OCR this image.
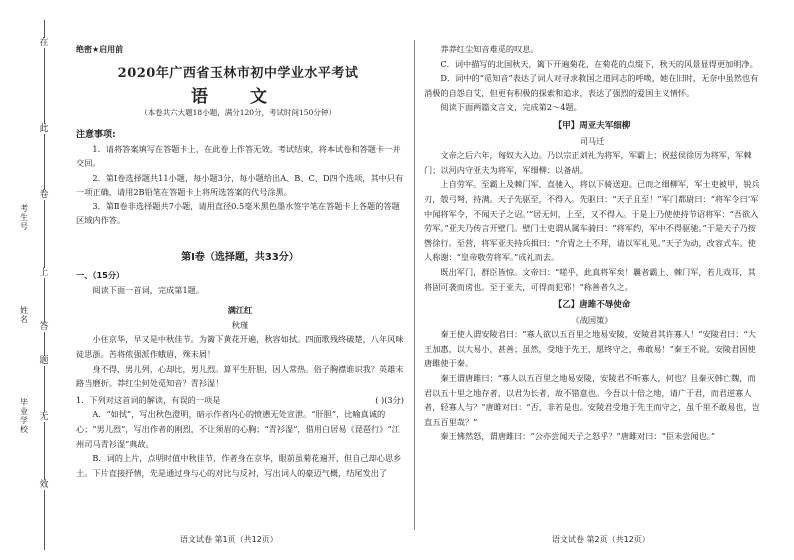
在
此
卷
上
答
题
无
效
考生号
姓名
毕业学校
绝密★启用前
2020年广西省玉林市初中学业水平考试
语 文
（本卷共六大题18小题，满分120分，考试时间150分钟）

注意事项:

1．请将答案填写在答题卡上，在此卷上作答无效。考试结束，将本试卷和答题卡一并交回。

2．第Ⅰ卷选择题共11小题，每小题3分，每小题给出A、B、C、D四个选项，其中只有一项正确，请用2B铅笔在答题卡上将所选答案的代号涂黑。

3．第Ⅱ卷非选择题共7小题，请用直径0.5毫米黑色墨水签字笔在答题卡上各题的答题区域内作答。

第Ⅰ卷（选择题，共33分）

一、（15分）

阅读下面一首词，完成第1题。

满江红

秋瑾

小住京华，早又是中秋佳节。为篱下黄花开遍，秋容如拭。四面歌残终破楚，八年风味徒思浙。苦将侬强派作蛾眉，殊未屑！

身不得，男儿列，心却比，男儿烈。算平生肝胆，因人常热。俗子胸襟谁识我？英雄末路当磨折。莽红尘何处觅知音？青衫湿！

1．下列对这首词的解读，有误的一项是	( )(3分)

A．“如拭”，写出秋色澄明，暗示作者内心的愤懑无处宣泄。“肝胆”，比喻真诚的心；“男儿烈”，写出作者的刚烈，不让须眉的心胸；“青衫湿”，借用白居易《琵琶行》“江州司马青衫湿”典故。

B．词的上片，点明时值中秋佳节，作者身在京华，眼前虽菊花遍开，但自己却心思乡土。下片直接抒情，先是通过身与心的对比与反衬，写出词人的豪迈气概，结尾发出了

语文试卷 第1页（共12页）

莽莽红尘知音难觅的叹息。

C．词中描写的北国秋天，篱下开遍菊花，在菊花的点缀下，秋天的风景显得更加明净。

D．词中的“觅知音”表达了词人对寻求救国之道同志的呼唤，她在旧时，无奈中虽然也有消极的自怨自艾，但更有积极的探索和追求，表达了强烈的爱国主义情怀。

阅读下面两篇文言文，完成第2～4题。

【甲】周亚夫军细柳

司马迁

文帝之后六年，匈奴大入边。乃以宗正刘礼为将军，军霸上；祝兹侯徐厉为将军，军棘门；以河内守亚夫为将军，军细柳：以备胡。

上自劳军。至霸上及棘门军，直驰入，将以下骑送迎。已而之细柳军，军士吏被甲，锐兵刃，彀弓弩，持满。天子先驱至，不得入。先驱曰：“天子且至！”军门都尉曰：“将军令曰‘军中闻将军令，不闻天子之诏。’”居无何，上至，又不得入。于是上乃使使持节诏将军：“吾欲入劳军。”亚夫乃传言开壁门。壁门士吏谓从属车骑曰：“将军约，军中不得驱驰。”于是天子乃按辔徐行。至营，将军亚夫持兵揖曰：“介胄之士不拜，请以军礼见。”天子为动，改容式车。使人称谢：“皇帝敬劳将军。”成礼而去。

既出军门，群臣皆惊。文帝曰：“嗟乎，此真将军矣！曩者霸上、棘门军，若儿戏耳，其将固可袭而虏也。至于亚夫，可得而犯邪！”称善者久之。

【乙】唐雎不辱使命

《战国策》

秦王使人谓安陵君曰：“寡人欲以五百里之地易安陵，安陵君其许寡人！”安陵君曰：“大王加惠，以大易小，甚善；虽然，受地于先王，愿终守之，弗敢易！”秦王不说。安陵君因使唐雎使于秦。

秦王谓唐雎曰：“寡人以五百里之地易安陵，安陵君不听寡人，何也？且秦灭韩亡魏，而君以五十里之地存者，以君为长者，故不错意也。今吾以十倍之地，请广于君，而君逆寡人者，轻寡人与？”唐雎对曰：“否，非若是也。安陵君受地于先王而守之，虽千里不敢易也，岂直五百里哉？”

秦王怫然怒，谓唐雎曰：“公亦尝闻天子之怒乎？”唐雎对曰：“臣未尝闻也。”

语文试卷 第2页（共12页）
